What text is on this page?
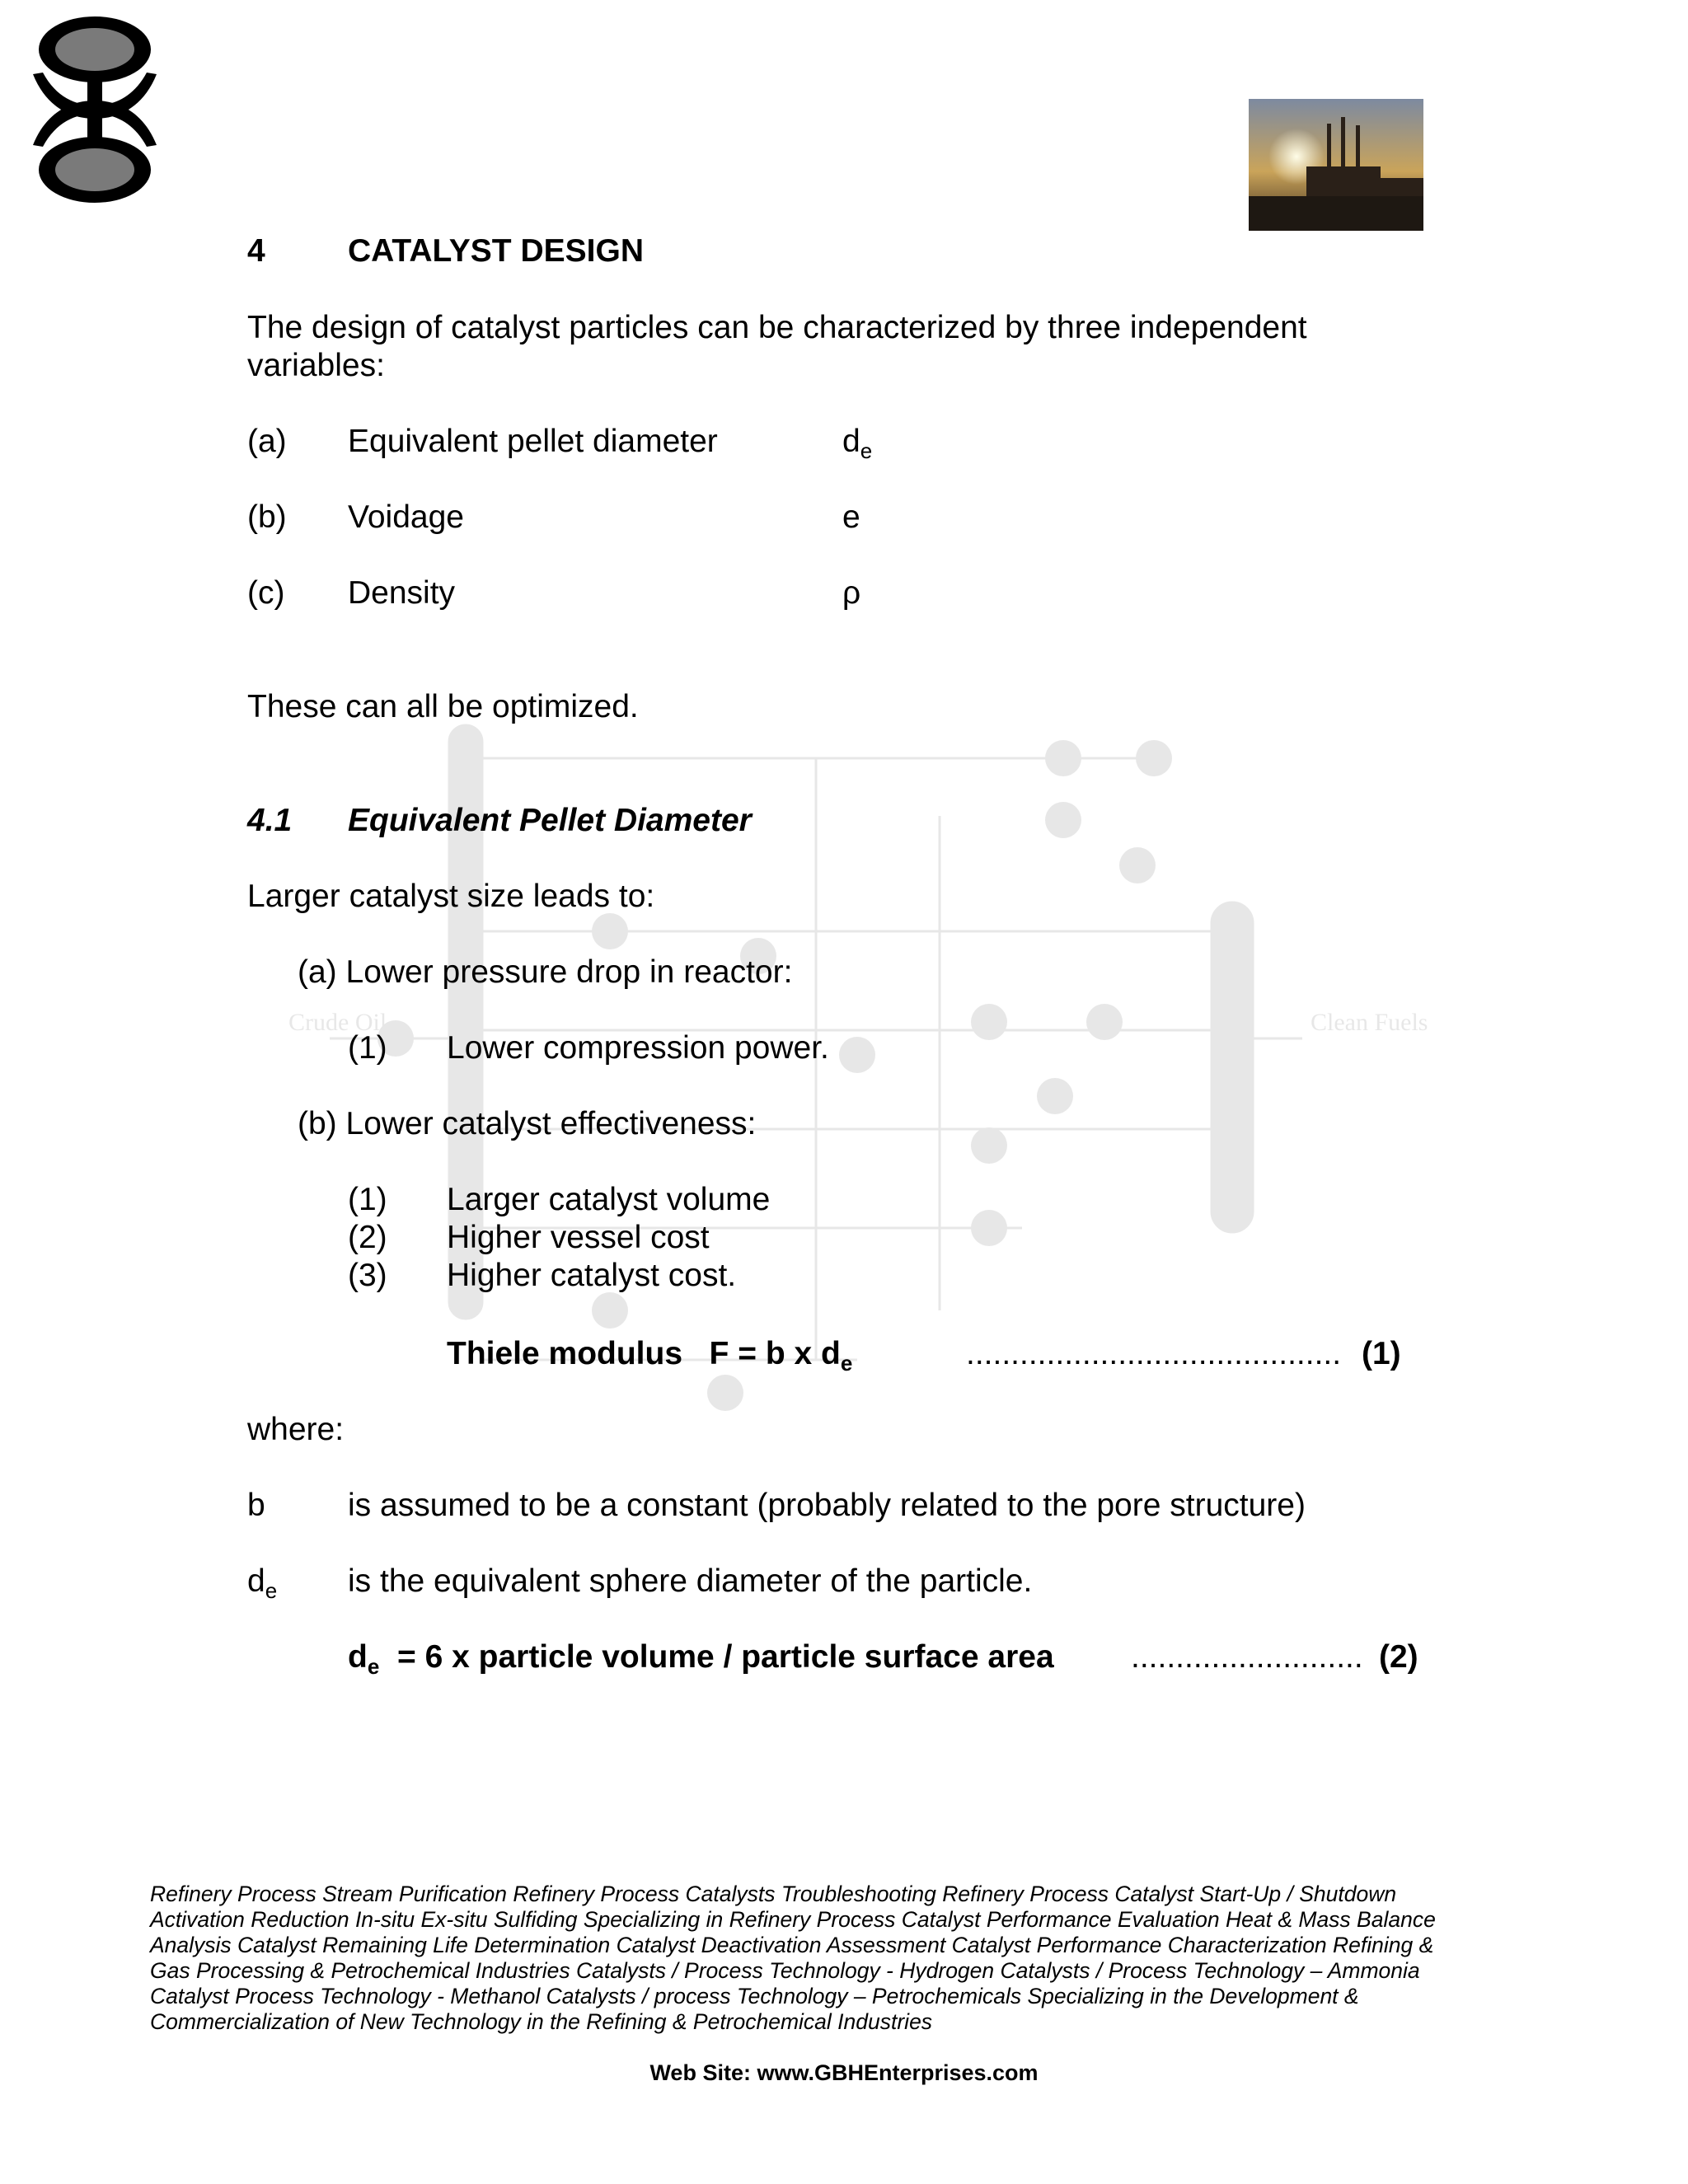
Crude Oil	Clean Fuels
4	CATALYST DESIGN
The design of catalyst particles can be characterized by three independent
variables:
(a) Equivalent pellet diameter	$d_e$
(b) Voidage	e
(c) Density	ρ
These can all be optimized.
4.1 Equivalent Pellet Diameter
Larger catalyst size leads to:
(a) Lower pressure drop in reactor:
(1) Lower compression power.
(b) Lower catalyst effectiveness:
(1) Larger catalyst volume
(2) Higher vessel cost
(3) Higher catalyst cost.
Thiele modulus F = b x $d_e$	.......................................... (1)
where:
b	is assumed to be a constant (probably related to the pore structure)
$d_e$ is the equivalent sphere diameter of the particle.
$d_e = 6$ x particle volume / particle surface area .......................... (2)
Refinery Process Stream Purification Refinery Process Catalysts Troubleshooting Refinery Process Catalyst Start-Up / Shutdown Activation Reduction In-situ Ex-situ Sulfiding Specializing in Refinery Process Catalyst Performance Evaluation Heat & Mass Balance Analysis Catalyst Remaining Life Determination Catalyst Deactivation Assessment Catalyst Performance Characterization Refining & Gas Processing & Petrochemical Industries Catalysts / Process Technology - Hydrogen Catalysts / Process Technology – Ammonia Catalyst Process Technology - Methanol Catalysts / process Technology – Petrochemicals Specializing in the Development & Commercialization of New Technology in the Refining & Petrochemical Industries
Web Site: www.GBHEnterprises.com
